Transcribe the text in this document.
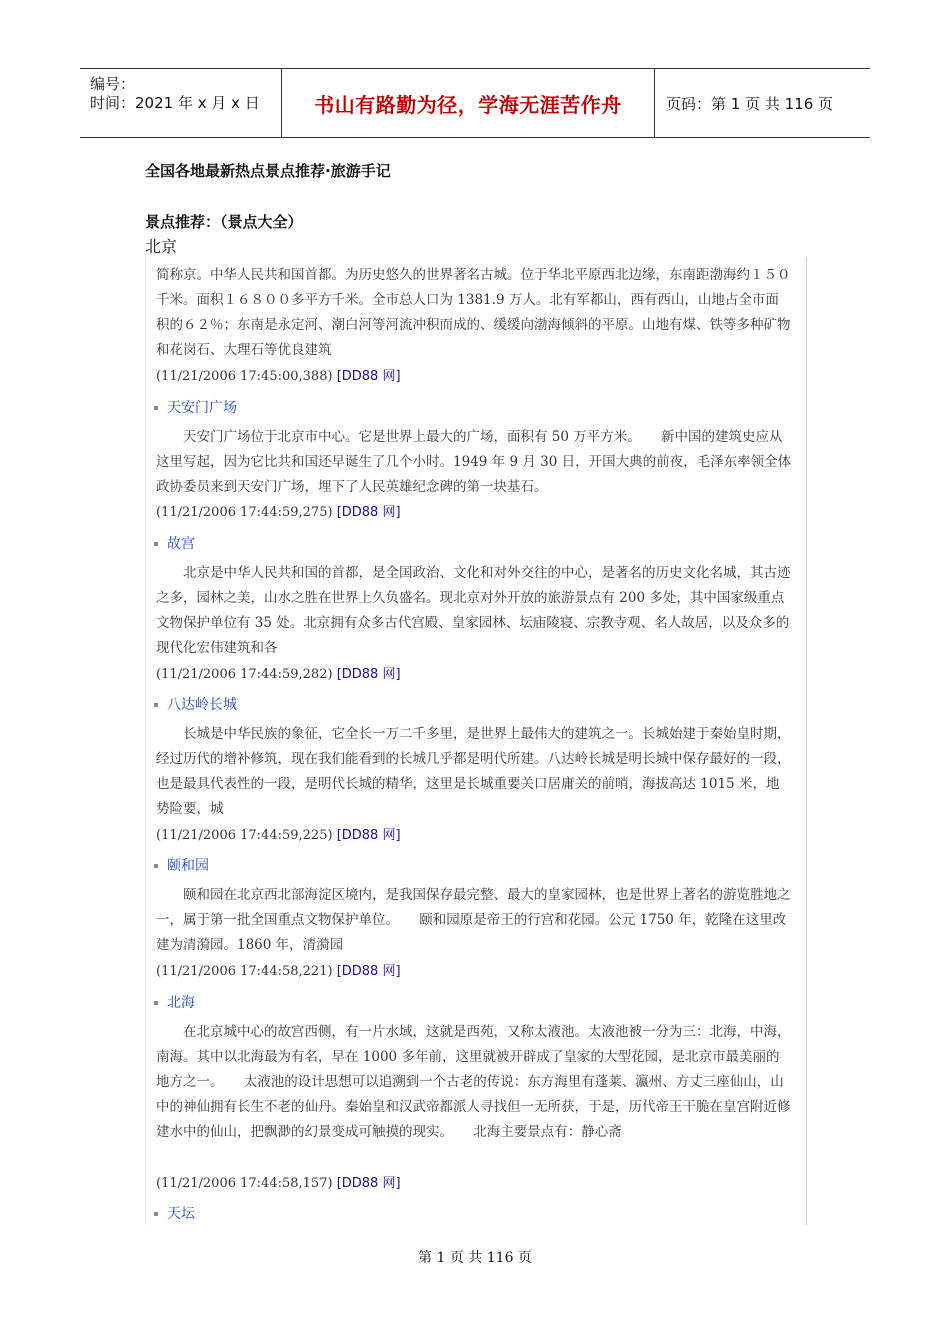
编号：
时间：2021 年 x 月 x 日	书山有路勤为径，学海无涯苦作舟	页码：第 1 页 共 116 页
全国各地最新热点景点推荐·旅游手记
景点推荐：（景点大全）
北京
简称京。中华人民共和国首都。为历史悠久的世界著名古城。位于华北平原西北边缘，东南距渤海约１５０千米。面积１６８００多平方千米。全市总人口为 1381.9 万人。北有军都山，西有西山，山地占全市面积的６２％；东南是永定河、潮白河等河流冲积而成的、缓缓向渤海倾斜的平原。山地有煤、铁等多种矿物和花岗石、大理石等优良建筑
(11/21/2006 17:45:00,388) [DD88 网]
天安门广场
　　天安门广场位于北京市中心。它是世界上最大的广场，面积有 50 万平方米。　　新中国的建筑史应从这里写起，因为它比共和国还早诞生了几个小时。1949 年 9 月 30 日，开国大典的前夜，毛泽东率领全体政协委员来到天安门广场，埋下了人民英雄纪念碑的第一块基石。
(11/21/2006 17:44:59,275) [DD88 网]
故宫
　　北京是中华人民共和国的首都，是全国政治、文化和对外交往的中心，是著名的历史文化名城，其古迹之多，园林之美，山水之胜在世界上久负盛名。现北京对外开放的旅游景点有 200 多处，其中国家级重点文物保护单位有 35 处。北京拥有众多古代宫殿、皇家园林、坛庙陵寝、宗教寺观、名人故居，以及众多的现代化宏伟建筑和各
(11/21/2006 17:44:59,282) [DD88 网]
八达岭长城
　　长城是中华民族的象征，它全长一万二千多里，是世界上最伟大的建筑之一。长城始建于秦始皇时期，经过历代的增补修筑，现在我们能看到的长城几乎都是明代所建。八达岭长城是明长城中保存最好的一段，也是最具代表性的一段，是明代长城的精华，这里是长城重要关口居庸关的前哨，海拔高达 1015 米，地势险要，城
(11/21/2006 17:44:59,225) [DD88 网]
颐和园
　　颐和园在北京西北部海淀区境内，是我国保存最完整、最大的皇家园林，也是世界上著名的游览胜地之一，属于第一批全国重点文物保护单位。　　颐和园原是帝王的行宫和花园。公元 1750 年，乾隆在这里改建为清漪园。1860 年，清漪园
(11/21/2006 17:44:58,221) [DD88 网]
北海
　　在北京城中心的故宫西侧，有一片水域，这就是西苑，又称太液池。太液池被一分为三：北海，中海，南海。其中以北海最为有名，早在 1000 多年前，这里就被开辟成了皇家的大型花园，是北京市最美丽的地方之一。　　太液池的设计思想可以追溯到一个古老的传说：东方海里有蓬莱、瀛州、方丈三座仙山，山中的神仙拥有长生不老的仙丹。秦始皇和汉武帝都派人寻找但一无所获，于是，历代帝王干脆在皇宫附近修建水中的仙山，把飘渺的幻景变成可触摸的现实。　　北海主要景点有：静心斋
(11/21/2006 17:44:58,157) [DD88 网]
天坛
第 1 页 共 116 页
